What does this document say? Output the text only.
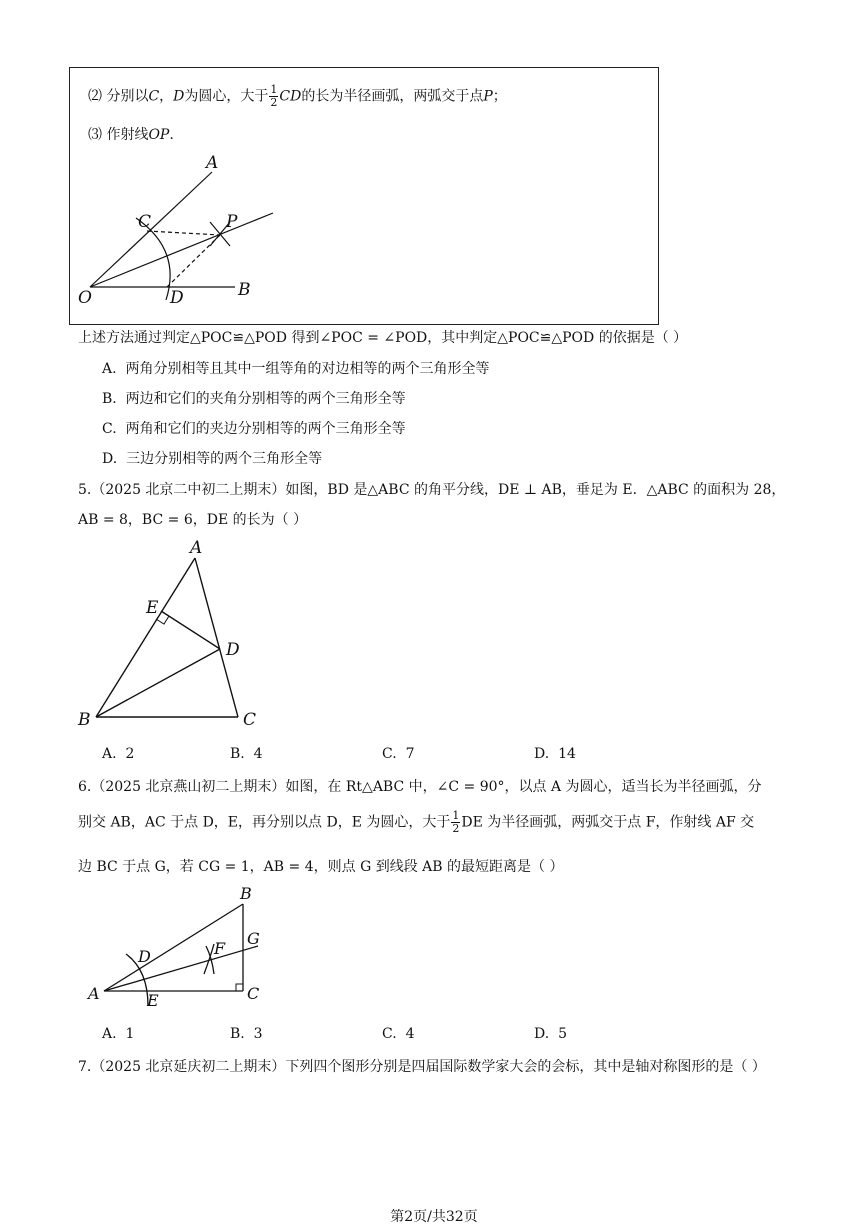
⑵ 分别以C，D为圆心，大于 $\frac{1}{2}$ CD的长为半径画弧，两弧交于点P；
⑶ 作射线OP.
A
B
C
D
O
P
上述方法通过判定△POC≌△POD 得到∠POC = ∠POD，其中判定△POC≌△POD 的依据是（ ）
A. 两角分别相等且其中一组等角的对边相等的两个三角形全等
B. 两边和它们的夹角分别相等的两个三角形全等
C. 两角和它们的夹边分别相等的两个三角形全等
D. 三边分别相等的两个三角形全等
5.（2025 北京二中初二上期末）如图，BD 是△ABC 的角平分线，DE ⊥ AB，垂足为 E．△ABC 的面积为 28，
AB = 8，BC = 6，DE 的长为（ ）
A
B	C
D
E
A. 2	B. 4	C. 7	D. 14
6.（2025 北京燕山初二上期末）如图，在 Rt△ABC 中，∠C = 90°，以点 A 为圆心，适当长为半径画弧，分
别交 AB，AC 于点 D，E，再分别以点 D，E 为圆心，大于 $\frac{1}{2}$ DE 为半径画弧，两弧交于点 F，作射线 AF 交
边 BC 于点 G，若 CG = 1，AB = 4，则点 G 到线段 AB 的最短距离是（ ）
B
A	C
D
E
F
G
A. 1	B. 3	C. 4	D. 5
7.（2025 北京延庆初二上期末）下列四个图形分别是四届国际数学家大会的会标，其中是轴对称图形的是（ ）
第2页/共32页
